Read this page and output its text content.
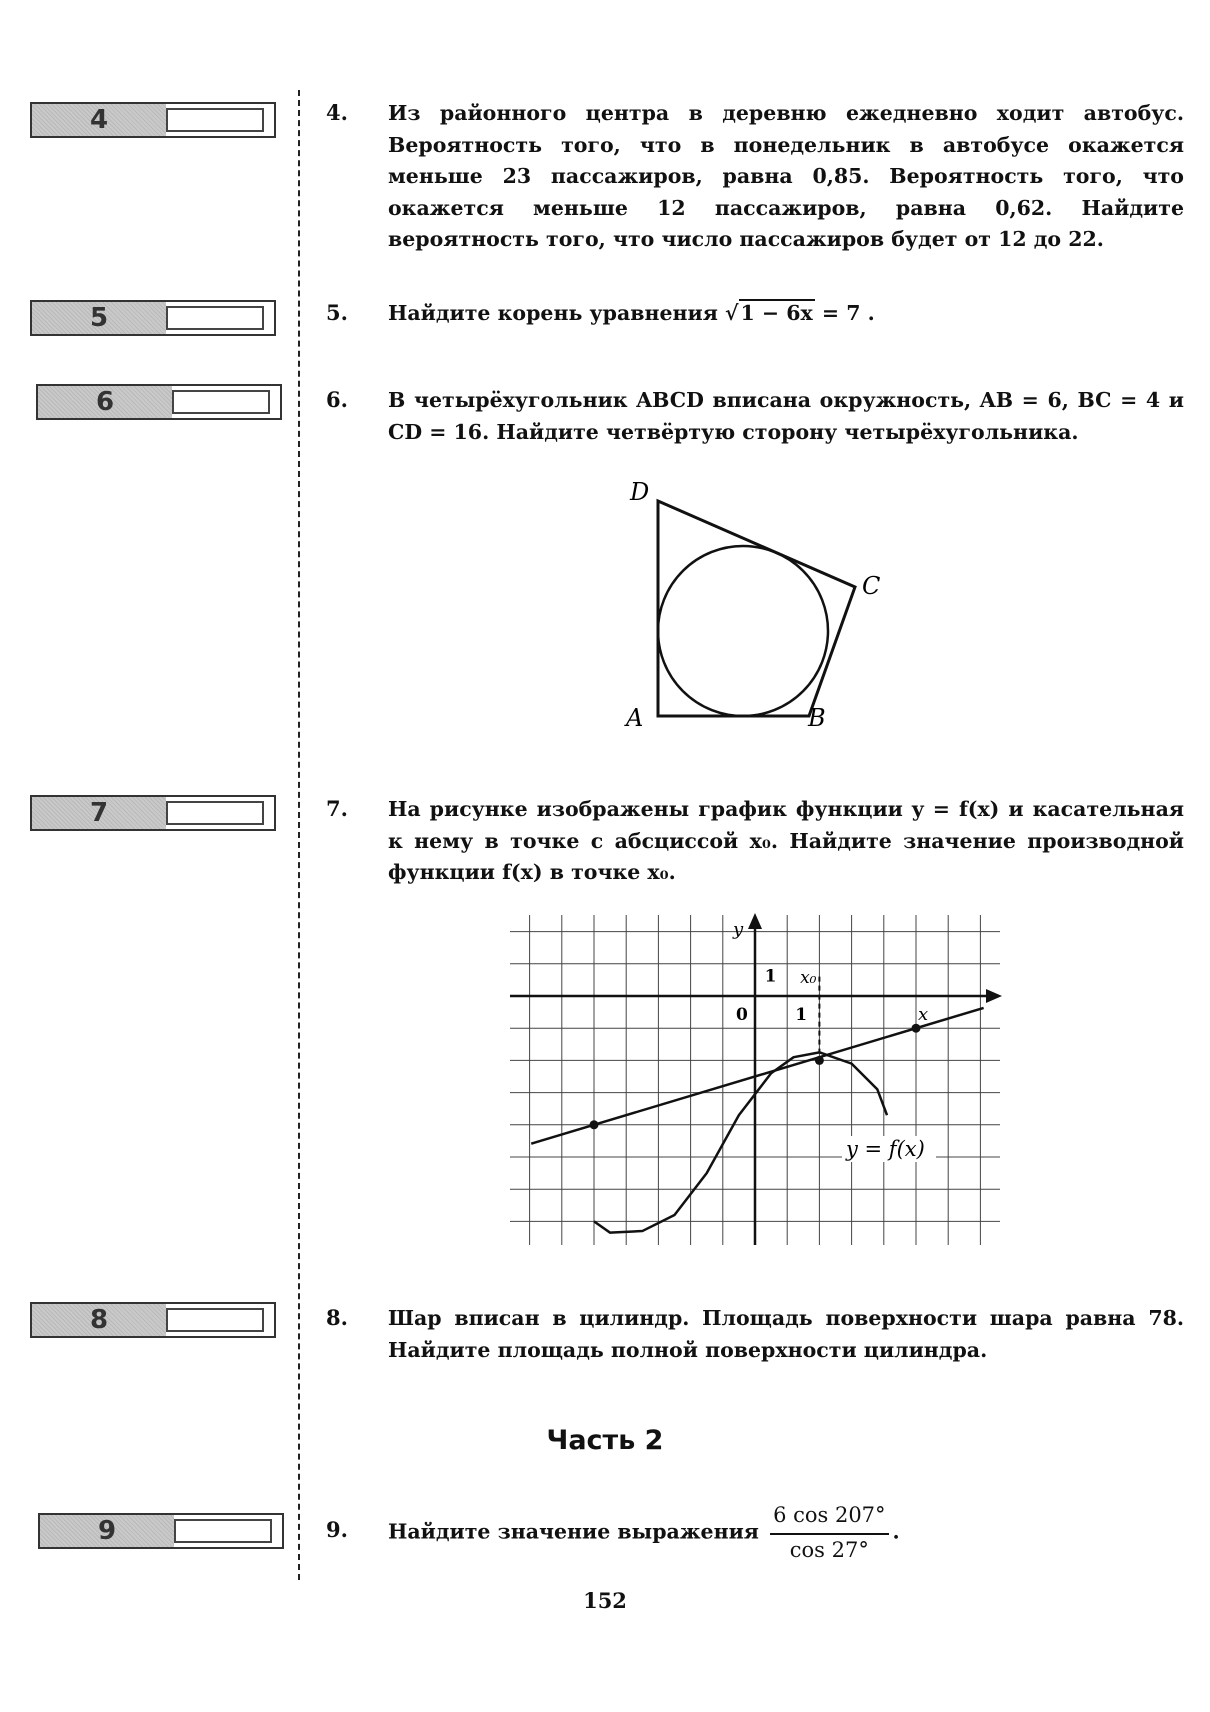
4
5
6
7
8
9
4. Из районного центра в деревню ежедневно ходит автобус. Вероятность того, что в понедельник в автобусе окажется меньше 23 пассажиров, равна 0,85. Вероятность того, что окажется меньше 12 пассажиров, равна 0,62. Найдите вероятность того, что число пассажиров будет от 12 до 22.

5. Найдите корень уравнения √1 − 6x = 7 .
6. В четырёхугольник ABCD вписана окружность, AB = 6, BC = 4 и CD = 16. Найдите четвёртую сторону четырёхугольника.

D
C
A	B
7. На рисунке изображены график функции y = f(x) и касательная к нему в точке с абсциссой x₀. Найдите значение производной функции f(x) в точке x₀.

y
x
1 x₀
0	1
y = f(x)
8. Шар вписан в цилиндр. Площадь поверхности шара равна 78. Найдите площадь полной поверхности цилиндра.

Часть 2
9. Найдите значение выражения $\frac{6 \cos 207^\circ}{\cos 27^\circ}$ .
152
